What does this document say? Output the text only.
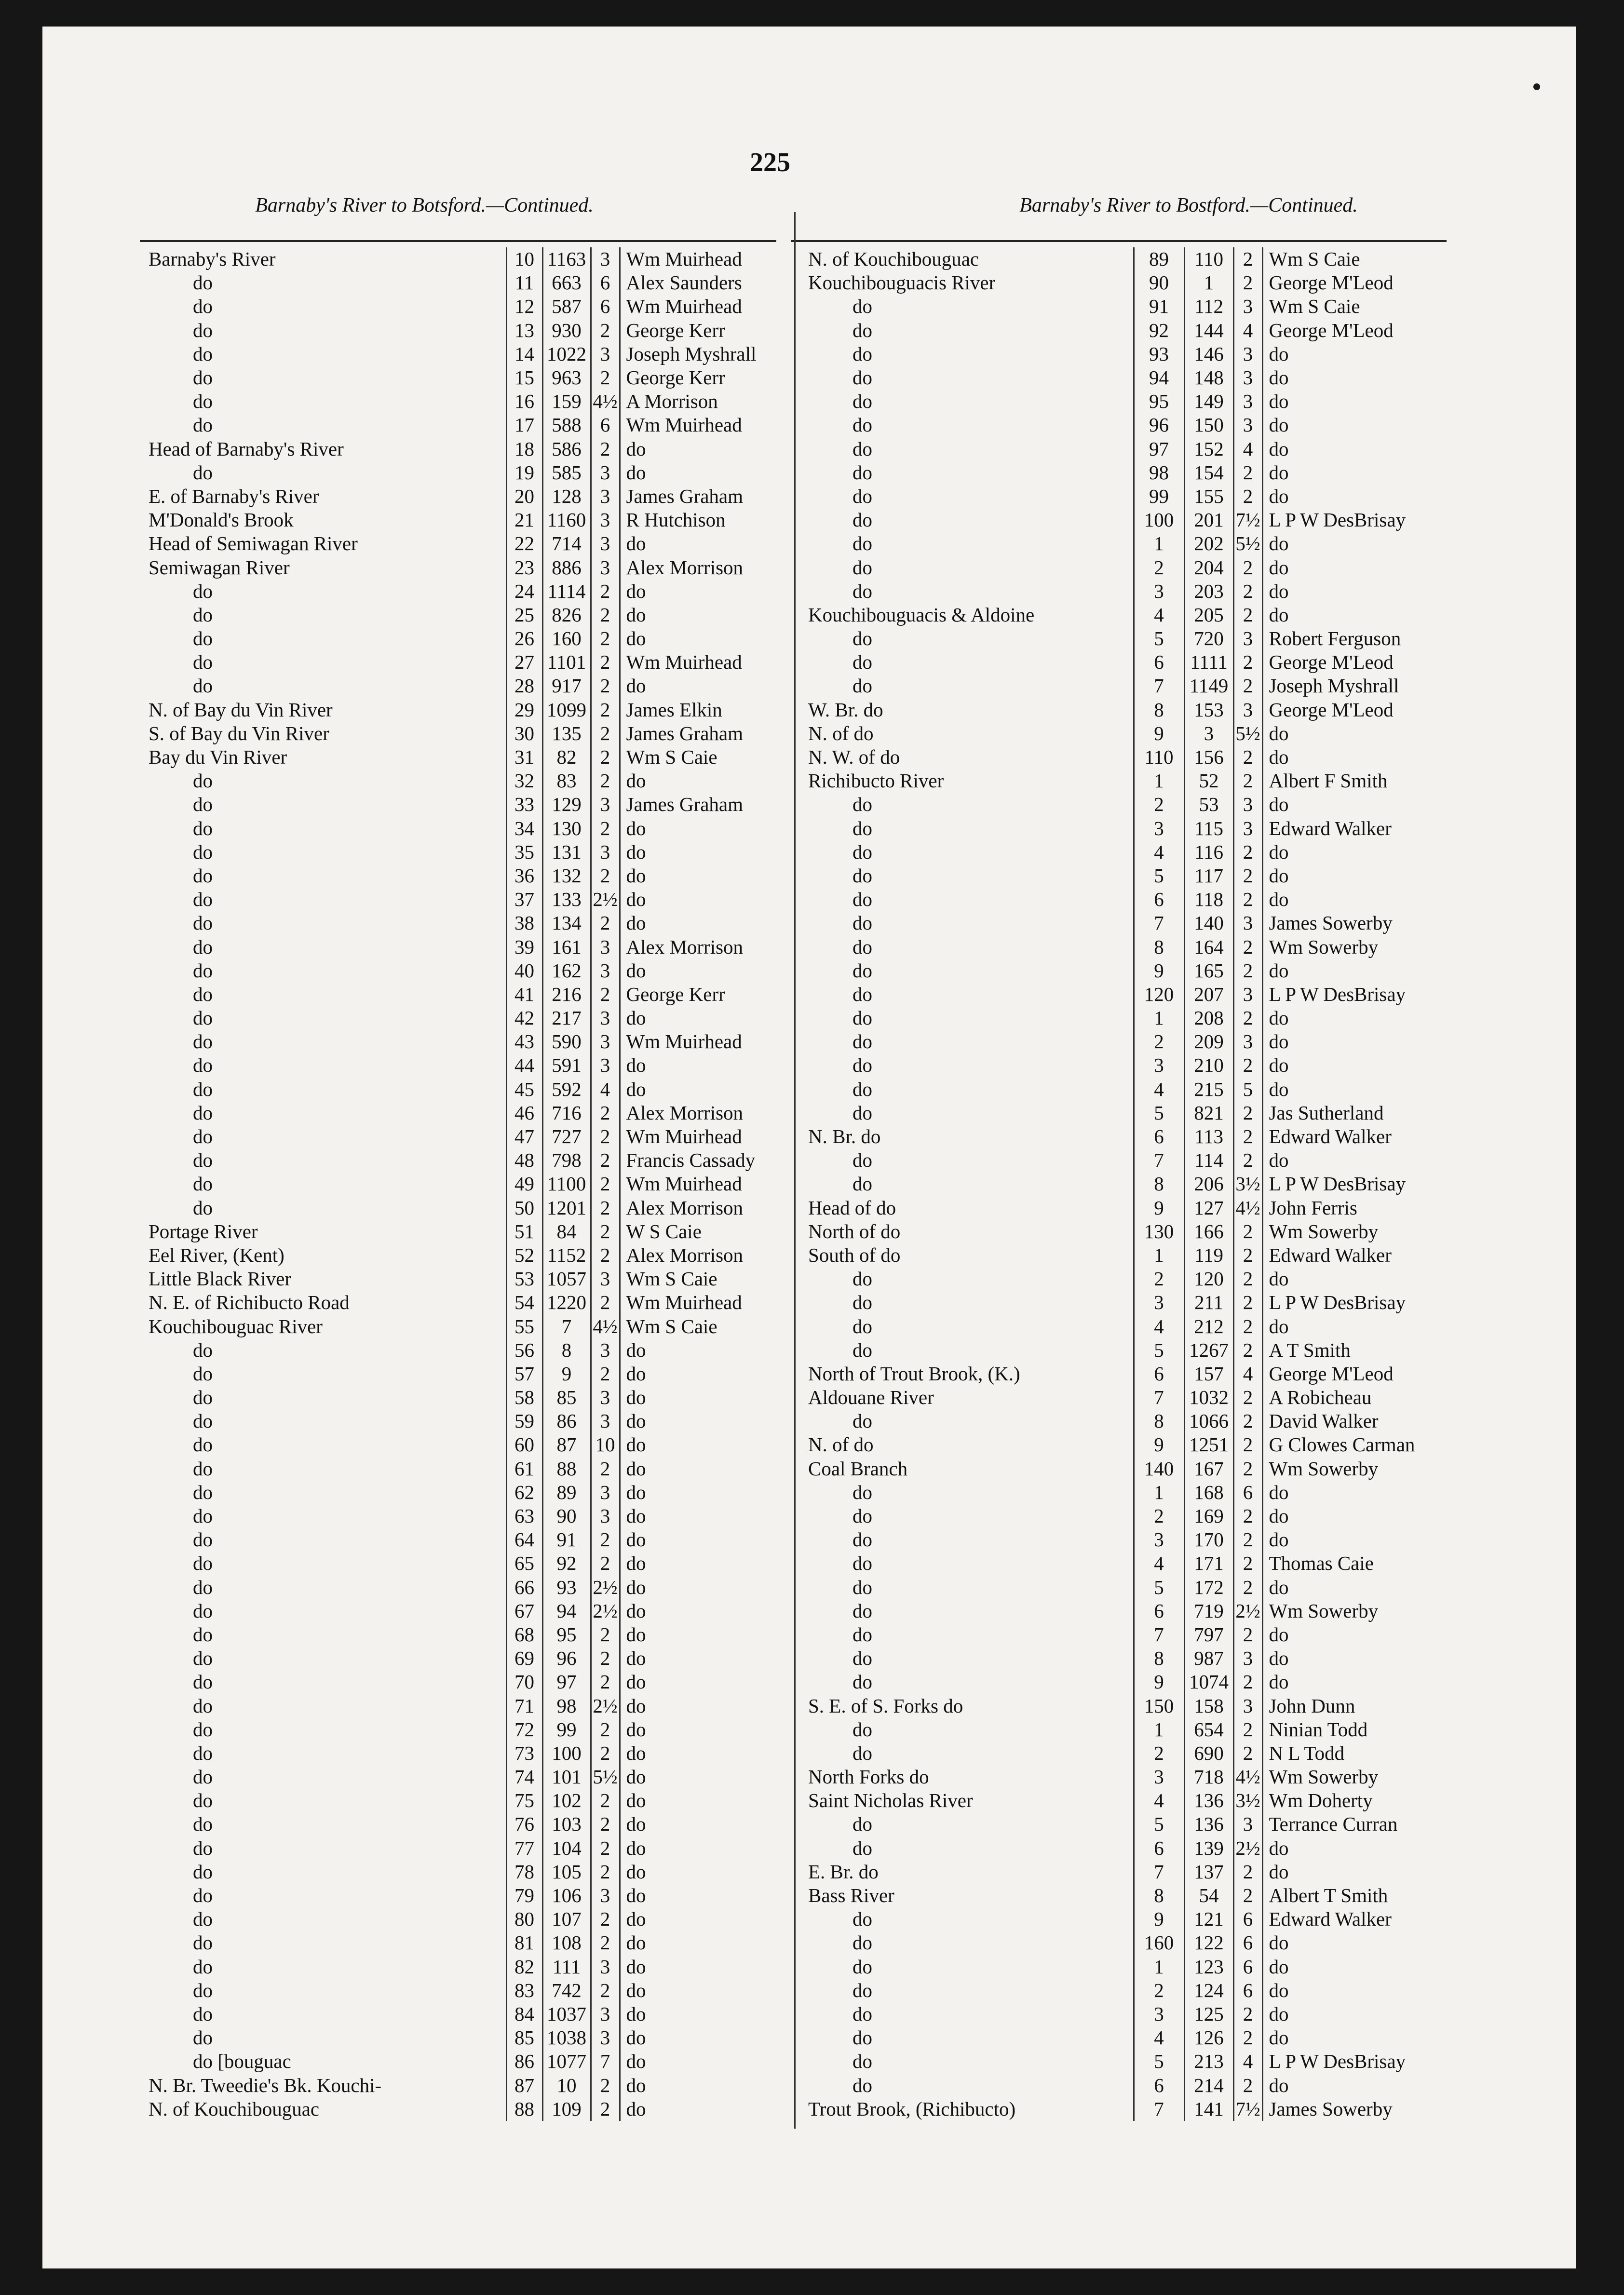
225
Barnaby's River to Botsford.—Continued.	Barnaby's River to Bostford.—Continued.
Barnaby's River	10	1163	3	Wm Muirhead
do	11	663	6	Alex Saunders
do	12	587	6	Wm Muirhead
do	13	930	2	George Kerr
do	14	1022	3	Joseph Myshrall
do	15	963	2	George Kerr
do	16	159	4½	A Morrison
do	17	588	6	Wm Muirhead
Head of Barnaby's River	18	586	2	do
do	19	585	3	do
E. of Barnaby's River	20	128	3	James Graham
M'Donald's Brook	21	1160	3	R Hutchison
Head of Semiwagan River	22	714	3	do
Semiwagan River	23	886	3	Alex Morrison
do	24	1114	2	do
do	25	826	2	do
do	26	160	2	do
do	27	1101	2	Wm Muirhead
do	28	917	2	do
N. of Bay du Vin River	29	1099	2	James Elkin
S. of Bay du Vin River	30	135	2	James Graham
Bay du Vin River	31	82	2	Wm S Caie
do	32	83	2	do
do	33	129	3	James Graham
do	34	130	2	do
do	35	131	3	do
do	36	132	2	do
do	37	133	2½	do
do	38	134	2	do
do	39	161	3	Alex Morrison
do	40	162	3	do
do	41	216	2	George Kerr
do	42	217	3	do
do	43	590	3	Wm Muirhead
do	44	591	3	do
do	45	592	4	do
do	46	716	2	Alex Morrison
do	47	727	2	Wm Muirhead
do	48	798	2	Francis Cassady
do	49	1100	2	Wm Muirhead
do	50	1201	2	Alex Morrison
Portage River	51	84	2	W S Caie
Eel River, (Kent)	52	1152	2	Alex Morrison
Little Black River	53	1057	3	Wm S Caie
N. E. of Richibucto Road	54	1220	2	Wm Muirhead
Kouchibouguac River	55	7	4½	Wm S Caie
do	56	8	3	do
do	57	9	2	do
do	58	85	3	do
do	59	86	3	do
do	60	87	10	do
do	61	88	2	do
do	62	89	3	do
do	63	90	3	do
do	64	91	2	do
do	65	92	2	do
do	66	93	2½	do
do	67	94	2½	do
do	68	95	2	do
do	69	96	2	do
do	70	97	2	do
do	71	98	2½	do
do	72	99	2	do
do	73	100	2	do
do	74	101	5½	do
do	75	102	2	do
do	76	103	2	do
do	77	104	2	do
do	78	105	2	do
do	79	106	3	do
do	80	107	2	do
do	81	108	2	do
do	82	111	3	do
do	83	742	2	do
do	84	1037	3	do
do	85	1038	3	do
do [bouguac	86	1077	7	do
N. Br. Tweedie's Bk. Kouchi-	87	10	2	do
N. of Kouchibouguac	88	109	2	do
N. of Kouchibouguac	89	110	2	Wm S Caie
Kouchibouguacis River	90	1	2	George M'Leod
do	91	112	3	Wm S Caie
do	92	144	4	George M'Leod
do	93	146	3	do
do	94	148	3	do
do	95	149	3	do
do	96	150	3	do
do	97	152	4	do
do	98	154	2	do
do	99	155	2	do
do	100	201	7½	L P W DesBrisay
do	1	202	5½	do
do	2	204	2	do
do	3	203	2	do
Kouchibouguacis & Aldoine	4	205	2	do
do	5	720	3	Robert Ferguson
do	6	1111	2	George M'Leod
do	7	1149	2	Joseph Myshrall
W. Br. do	8	153	3	George M'Leod
N. of do	9	3	5½	do
N. W. of do	110	156	2	do
Richibucto River	1	52	2	Albert F Smith
do	2	53	3	do
do	3	115	3	Edward Walker
do	4	116	2	do
do	5	117	2	do
do	6	118	2	do
do	7	140	3	James Sowerby
do	8	164	2	Wm Sowerby
do	9	165	2	do
do	120	207	3	L P W DesBrisay
do	1	208	2	do
do	2	209	3	do
do	3	210	2	do
do	4	215	5	do
do	5	821	2	Jas Sutherland
N. Br. do	6	113	2	Edward Walker
do	7	114	2	do
do	8	206	3½	L P W DesBrisay
Head of do	9	127	4½	John Ferris
North of do	130	166	2	Wm Sowerby
South of do	1	119	2	Edward Walker
do	2	120	2	do
do	3	211	2	L P W DesBrisay
do	4	212	2	do
do	5	1267	2	A T Smith
North of Trout Brook, (K.)	6	157	4	George M'Leod
Aldouane River	7	1032	2	A Robicheau
do	8	1066	2	David Walker
N. of do	9	1251	2	G Clowes Carman
Coal Branch	140	167	2	Wm Sowerby
do	1	168	6	do
do	2	169	2	do
do	3	170	2	do
do	4	171	2	Thomas Caie
do	5	172	2	do
do	6	719	2½	Wm Sowerby
do	7	797	2	do
do	8	987	3	do
do	9	1074	2	do
S. E. of S. Forks do	150	158	3	John Dunn
do	1	654	2	Ninian Todd
do	2	690	2	N L Todd
North Forks do	3	718	4½	Wm Sowerby
Saint Nicholas River	4	136	3½	Wm Doherty
do	5	136	3	Terrance Curran
do	6	139	2½	do
E. Br. do	7	137	2	do
Bass River	8	54	2	Albert T Smith
do	9	121	6	Edward Walker
do	160	122	6	do
do	1	123	6	do
do	2	124	6	do
do	3	125	2	do
do	4	126	2	do
do	5	213	4	L P W DesBrisay
do	6	214	2	do
Trout Brook, (Richibucto)	7	141	7½	James Sowerby
